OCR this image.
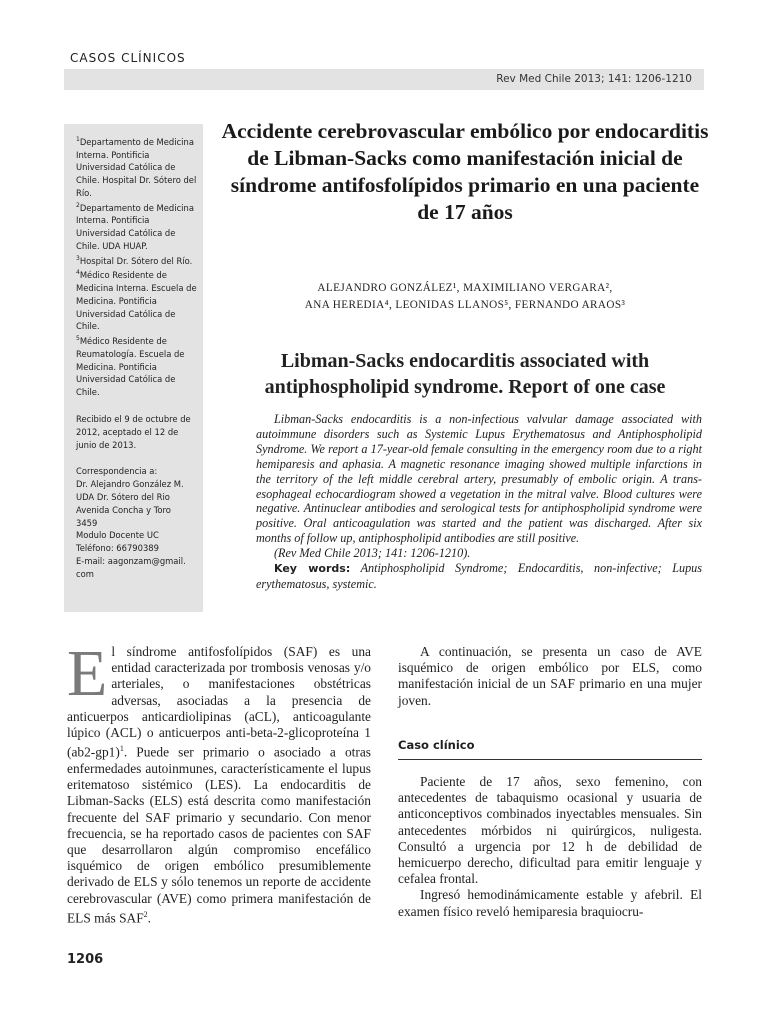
CASOS CLÍNICOS
Rev Med Chile 2013; 141: 1206-1210

$^1$Departamento de Medicina Interna. Pontificia Universidad Católica de Chile. Hospital Dr. Sótero del Río.

$^2$Departamento de Medicina Interna. Pontificia Universidad Católica de Chile. UDA HUAP.

$^3$Hospital Dr. Sótero del Río.

$^4$Médico Residente de Medicina Interna. Escuela de Medicina. Pontificia Universidad Católica de Chile.

$^5$Médico Residente de Reumatología. Escuela de Medicina. Pontificia Universidad Católica de Chile.

Recibido el 9 de octubre de 2012, aceptado el 12 de junio de 2013.

Correspondencia a:
Dr. Alejandro González M.
UDA Dr. Sótero del Rio
Avenida Concha y Toro
3459
Modulo Docente UC
Teléfono: 66790389
E-mail: aagonzam@gmail.
com
Accidente cerebrovascular embólico por endocarditis de Libman-Sacks como manifestación inicial de síndrome antifosfolípidos primario en una paciente de 17 años
ALEJANDRO GONZÁLEZ¹, MAXIMILIANO VERGARA²,
ANA HEREDIA⁴, LEONIDAS LLANOS⁵, FERNANDO ARAOS³
Libman-Sacks endocarditis associated with antiphospholipid syndrome. Report of one case

Libman-Sacks endocarditis is a non-infectious valvular damage associated with autoimmune disorders such as Systemic Lupus Erythematosus and Antiphospholipid Syndrome. We report a 17-year-old female consulting in the emergency room due to a right hemiparesis and aphasia. A magnetic resonance imaging showed multiple infarctions in the territory of the left middle cerebral artery, presumably of embolic origin. A trans-esophageal echocardiogram showed a vegetation in the mitral valve. Blood cultures were negative. Antinuclear antibodies and serological tests for antiphospholipid syndrome were positive. Oral anticoagulation was started and the patient was discharged. After six months of follow up, antiphospholipid antibodies are still positive.

(Rev Med Chile 2013; 141: 1206-1210).

Key words: Antiphospholipid Syndrome; Endocarditis, non-infective; Lupus erythematosus, systemic.

El síndrome antifosfolípidos (SAF) es una entidad caracterizada por trombosis venosas y/o arteriales, o manifestaciones obstétricas adversas, asociadas a la presencia de anticuerpos anticardiolipinas (aCL), anticoagulante lúpico (ACL) o anticuerpos anti-beta-2-glicoproteína 1 $(ab2-gp1)^1$. Puede ser primario o asociado a otras enfermedades autoinmunes, característicamente el lupus eritematoso sistémico (LES). La endocarditis de Libman-Sacks (ELS) está descrita como manifestación frecuente del SAF primario y secundario. Con menor frecuencia, se ha reportado casos de pacientes con SAF que desarrollaron algún compromiso encefálico isquémico de origen embólico presumiblemente derivado de ELS y sólo tenemos un reporte de accidente cerebrovascular (AVE) como primera manifestación de ELS más SAF$^2$.

A continuación, se presenta un caso de AVE isquémico de origen embólico por ELS, como manifestación inicial de un SAF primario en una mujer joven.

Caso clínico

Paciente de 17 años, sexo femenino, con antecedentes de tabaquismo ocasional y usuaria de anticonceptivos combinados inyectables mensuales. Sin antecedentes mórbidos ni quirúrgicos, nuligesta. Consultó a urgencia por 12 h de debilidad de hemicuerpo derecho, dificultad para emitir lenguaje y cefalea frontal.

Ingresó hemodinámicamente estable y afebril. El examen físico reveló hemiparesia braquiocru-

1206
